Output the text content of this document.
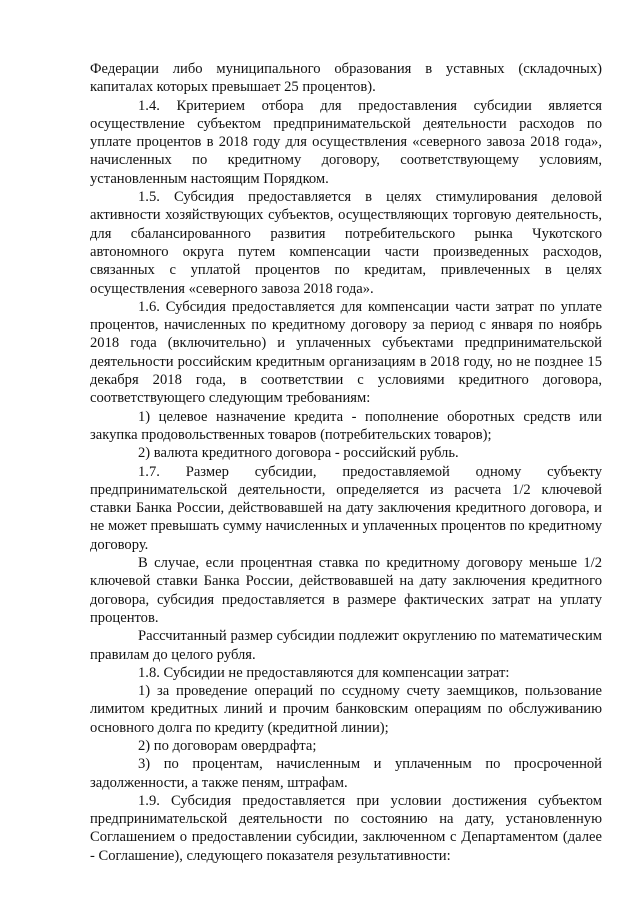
Федерации либо муниципального образования в уставных (складочных) капиталах которых превышает 25 процентов).

1.4. Критерием отбора для предоставления субсидии является осуществление субъектом предпринимательской деятельности расходов по уплате процентов в 2018 году для осуществления «северного завоза 2018 года», начисленных по кредитному договору, соответствующему условиям, установленным настоящим Порядком.

1.5. Субсидия предоставляется в целях стимулирования деловой активности хозяйствующих субъектов, осуществляющих торговую деятельность, для сбалансированного развития потребительского рынка Чукотского автономного округа путем компенсации части произведенных расходов, связанных с уплатой процентов по кредитам, привлеченных в целях осуществления «северного завоза 2018 года».

1.6. Субсидия предоставляется для компенсации части затрат по уплате процентов, начисленных по кредитному договору за период с января по ноябрь 2018 года (включительно) и уплаченных субъектами предпринимательской деятельности российским кредитным организациям в 2018 году, но не позднее 15 декабря 2018 года, в соответствии с условиями кредитного договора, соответствующего следующим требованиям:

1) целевое назначение кредита - пополнение оборотных средств или закупка продовольственных товаров (потребительских товаров);

2) валюта кредитного договора - российский рубль.

1.7. Размер субсидии, предоставляемой одному субъекту предпринимательской деятельности, определяется из расчета 1/2 ключевой ставки Банка России, действовавшей на дату заключения кредитного договора, и не может превышать сумму начисленных и уплаченных процентов по кредитному договору.

В случае, если процентная ставка по кредитному договору меньше 1/2 ключевой ставки Банка России, действовавшей на дату заключения кредитного договора, субсидия предоставляется в размере фактических затрат на уплату процентов.

Рассчитанный размер субсидии подлежит округлению по математическим правилам до целого рубля.

1.8. Субсидии не предоставляются для компенсации затрат:

1) за проведение операций по ссудному счету заемщиков, пользование лимитом кредитных линий и прочим банковским операциям по обслуживанию основного долга по кредиту (кредитной линии);

2) по договорам овердрафта;

3) по процентам, начисленным и уплаченным по просроченной задолженности, а также пеням, штрафам.

1.9. Субсидия предоставляется при условии достижения субъектом предпринимательской деятельности по состоянию на дату, установленную Соглашением о предоставлении субсидии, заключенном с Департаментом (далее - Соглашение), следующего показателя результативности:
